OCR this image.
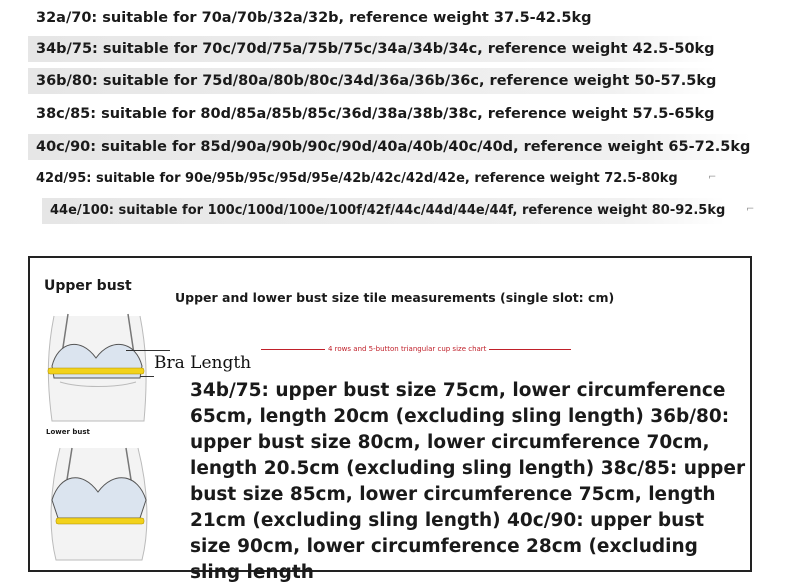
32a/70: suitable for 70a/70b/32a/32b, reference weight 37.5-42.5kg
34b/75: suitable for 70c/70d/75a/75b/75c/34a/34b/34c, reference weight 42.5-50kg
36b/80: suitable for 75d/80a/80b/80c/34d/36a/36b/36c, reference weight 50-57.5kg
38c/85: suitable for 80d/85a/85b/85c/36d/38a/38b/38c, reference weight 57.5-65kg
40c/90: suitable for 85d/90a/90b/90c/90d/40a/40b/40c/40d, reference weight 65-72.5kg
42d/95: suitable for 90e/95b/95c/95d/95e/42b/42c/42d/42e, reference weight 72.5-80kg
44e/100: suitable for 100c/100d/100e/100f/42f/44c/44d/44e/44f, reference weight 80-92.5kg
⌐
⌐
Upper bust
Upper and lower bust size tile measurements (single slot: cm)
Bra Length
4 rows and 5-button triangular cup size chart
Lower bust
34b/75: upper bust size 75cm, lower circumference 65cm, length 20cm (excluding sling length) 36b/80: upper bust size 80cm, lower circumference 70cm, length 20.5cm (excluding sling length) 38c/85: upper bust size 85cm, lower circumference 75cm, length 21cm (excluding sling length) 40c/90: upper bust size 90cm, lower circumference 28cm (excluding sling length
